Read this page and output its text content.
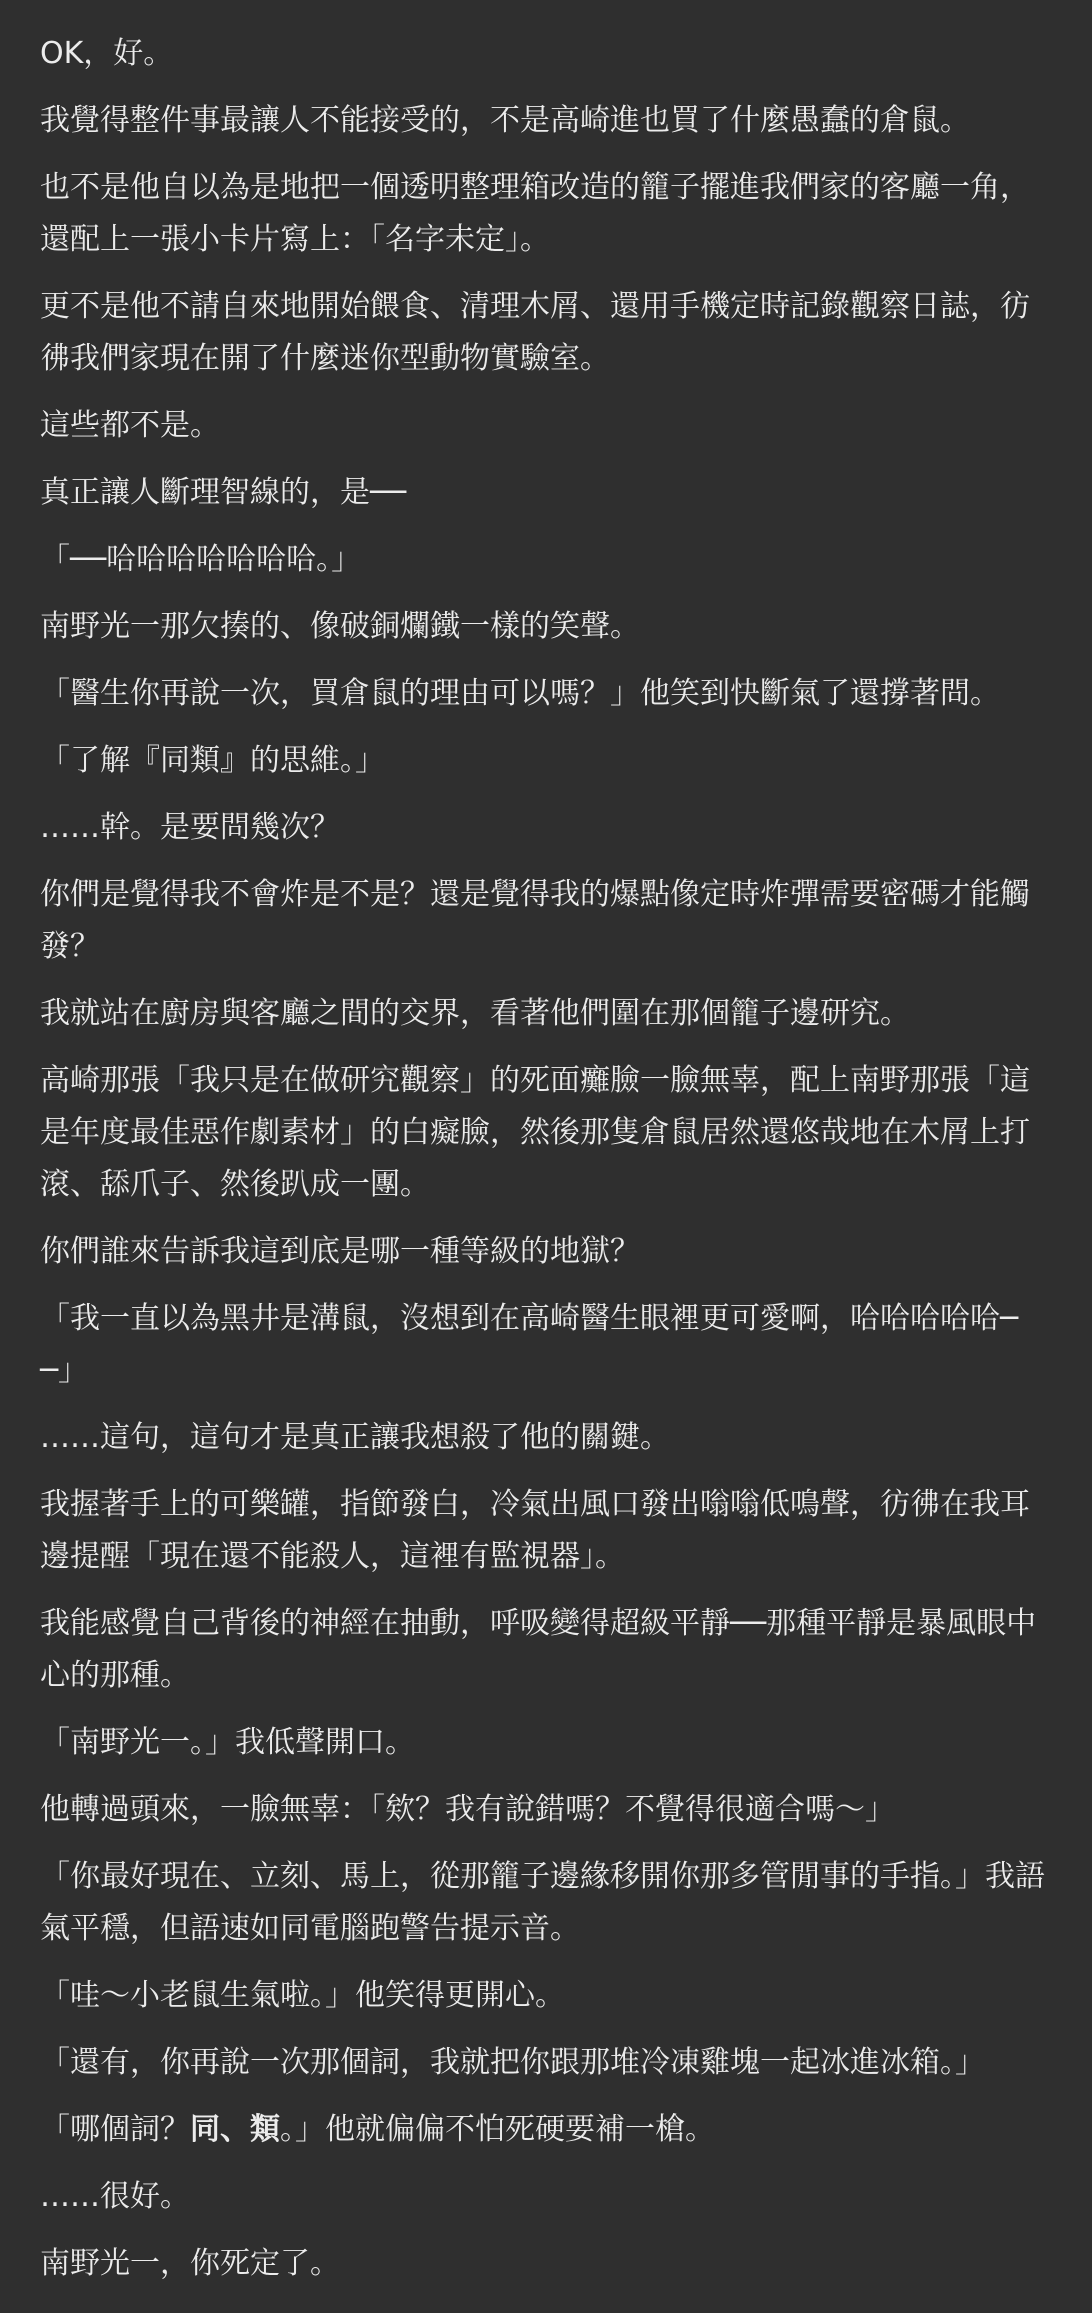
OK，好。

我覺得整件事最讓人不能接受的，不是高崎進也買了什麼愚蠢的倉鼠。

也不是他自以為是地把一個透明整理箱改造的籠子擺進我們家的客廳一角，還配上一張小卡片寫上：「名字未定」。

更不是他不請自來地開始餵食、清理木屑、還用手機定時記錄觀察日誌，彷彿我們家現在開了什麼迷你型動物實驗室。

這些都不是。

真正讓人斷理智線的，是──

「──哈哈哈哈哈哈哈。」

南野光一那欠揍的、像破銅爛鐵一樣的笑聲。

「醫生你再說一次，買倉鼠的理由可以嗎？」他笑到快斷氣了還撐著問。

「了解『同類』的思維。」

……幹。是要問幾次？

你們是覺得我不會炸是不是？還是覺得我的爆點像定時炸彈需要密碼才能觸發？

我就站在廚房與客廳之間的交界，看著他們圍在那個籠子邊研究。

高崎那張「我只是在做研究觀察」的死面癱臉一臉無辜，配上南野那張「這是年度最佳惡作劇素材」的白癡臉，然後那隻倉鼠居然還悠哉地在木屑上打滾、舔爪子、然後趴成一團。

你們誰來告訴我這到底是哪一種等級的地獄？

「我一直以為黑井是溝鼠，沒想到在高崎醫生眼裡更可愛啊，哈哈哈哈哈──」

……這句，這句才是真正讓我想殺了他的關鍵。

我握著手上的可樂罐，指節發白，冷氣出風口發出嗡嗡低鳴聲，彷彿在我耳邊提醒「現在還不能殺人，這裡有監視器」。

我能感覺自己背後的神經在抽動，呼吸變得超級平靜──那種平靜是暴風眼中心的那種。

「南野光一。」我低聲開口。

他轉過頭來，一臉無辜：「欸？我有說錯嗎？不覺得很適合嗎～」

「你最好現在、立刻、馬上，從那籠子邊緣移開你那多管閒事的手指。」我語氣平穩，但語速如同電腦跑警告提示音。

「哇～小老鼠生氣啦。」他笑得更開心。

「還有，你再說一次那個詞，我就把你跟那堆冷凍雞塊一起冰進冰箱。」

「哪個詞？同、類。」他就偏偏不怕死硬要補一槍。

……很好。

南野光一，你死定了。
